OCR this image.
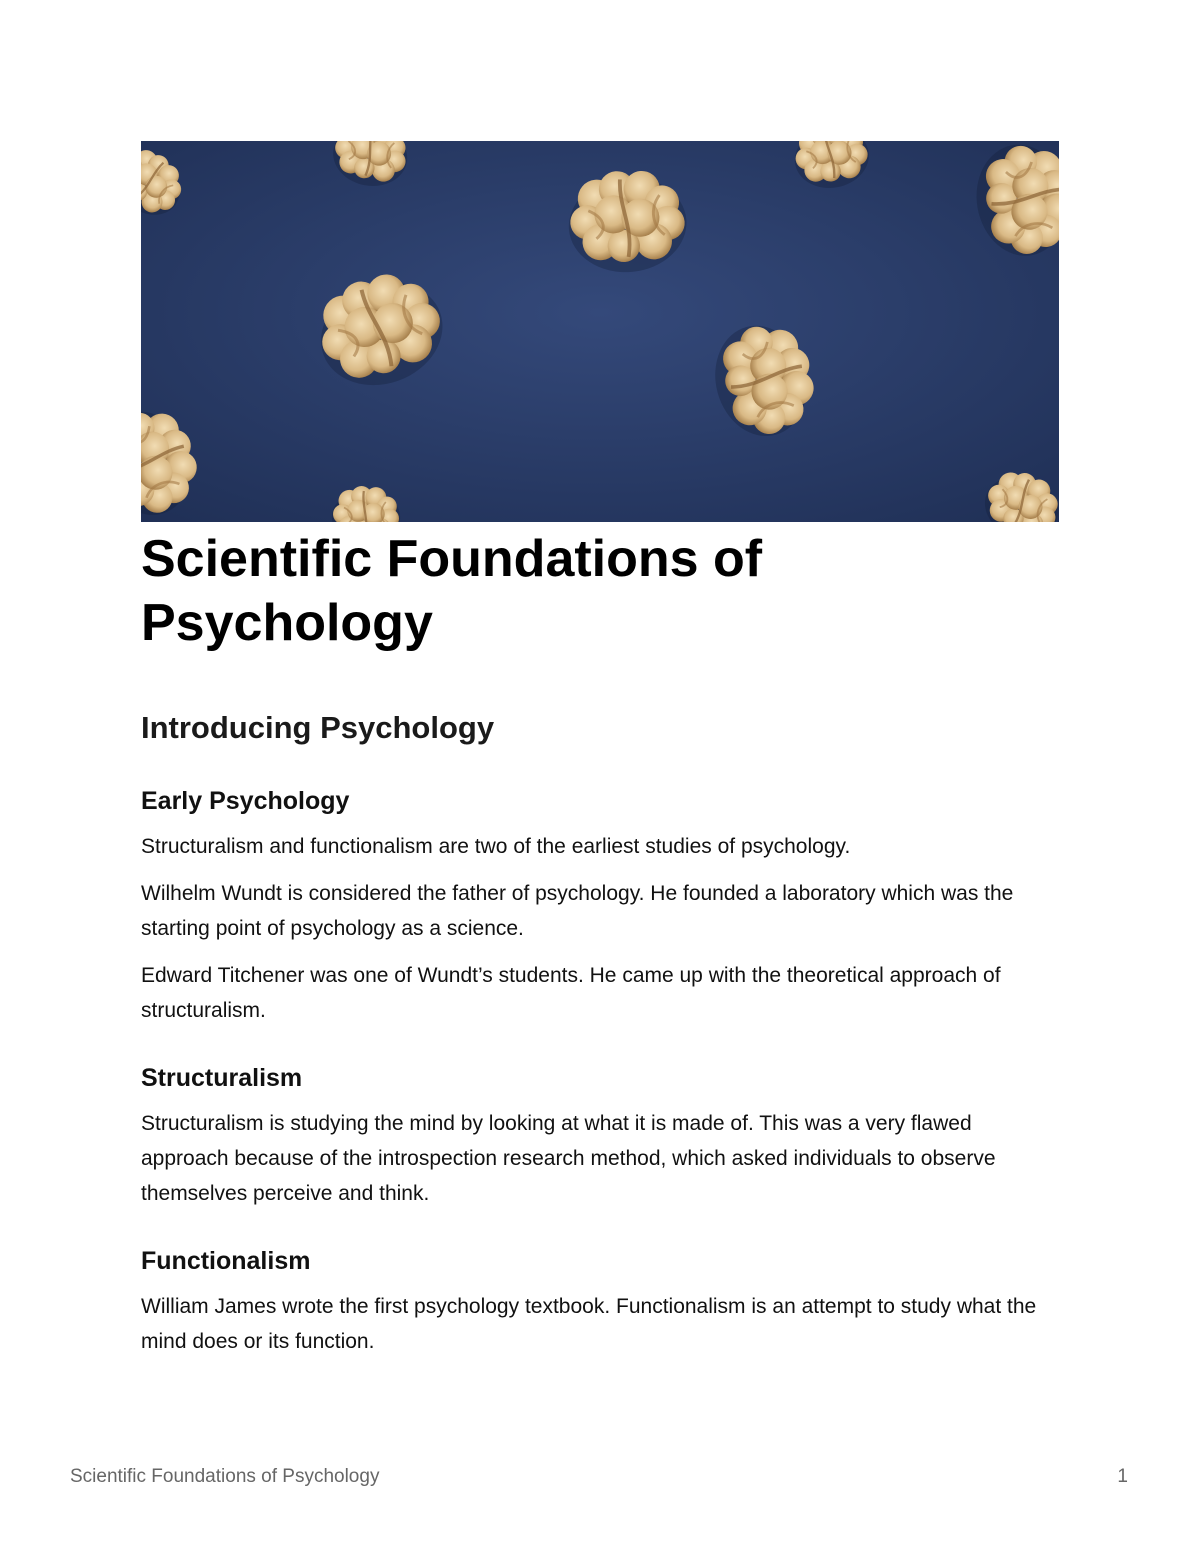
Scientific Foundations of Psychology
Introducing Psychology
Early Psychology

Structuralism and functionalism are two of the earliest studies of psychology.

Wilhelm Wundt is considered the father of psychology. He founded a laboratory which was the starting point of psychology as a science.

Edward Titchener was one of Wundt’s students. He came up with the theoretical approach of structuralism.

Structuralism

Structuralism is studying the mind by looking at what it is made of. This was a very flawed approach because of the introspection research method, which asked individuals to observe themselves perceive and think.

Functionalism

William James wrote the first psychology textbook. Functionalism is an attempt to study what the mind does or its function.

Scientific Foundations of Psychology	1
